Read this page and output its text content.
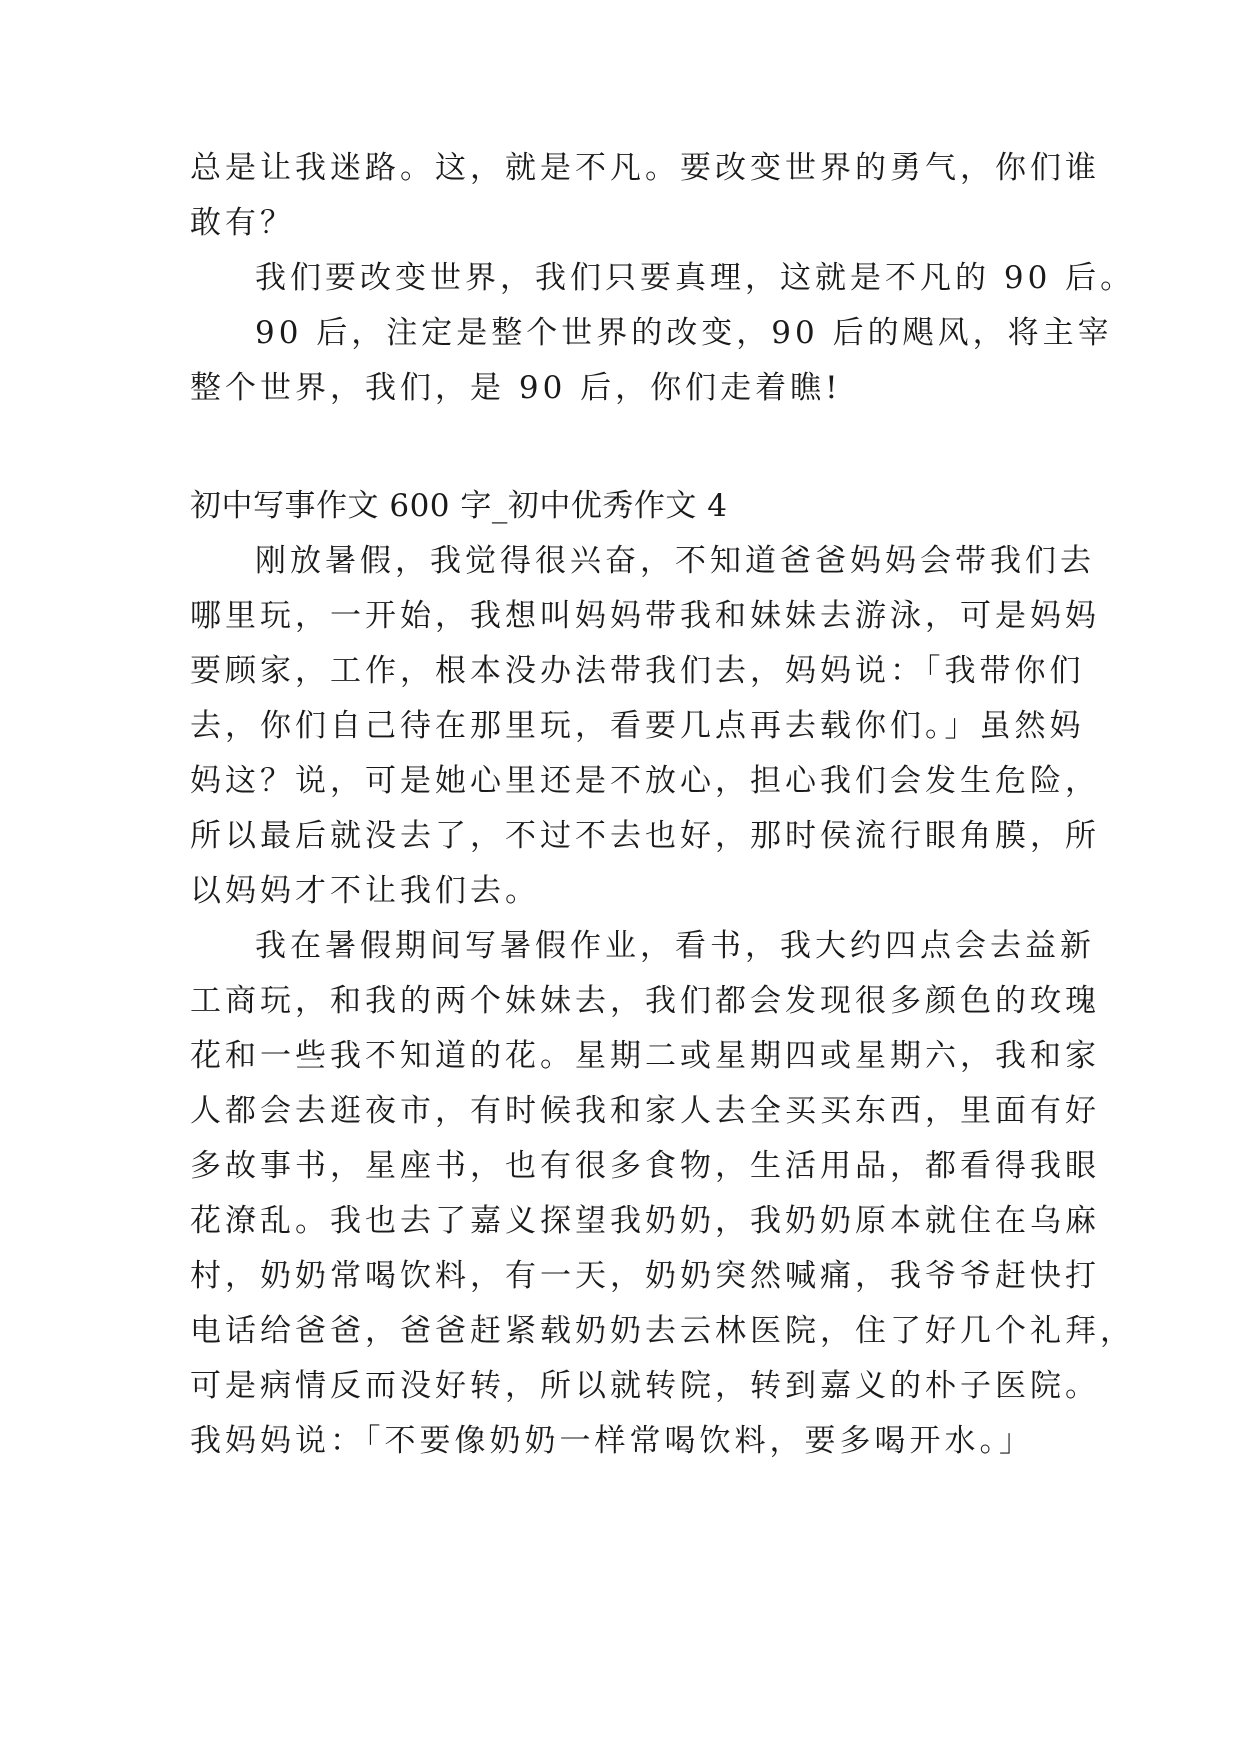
总是让我迷路。这，就是不凡。要改变世界的勇气，你们谁
敢有？
我们要改变世界，我们只要真理，这就是不凡的 90 后。
90 后，注定是整个世界的改变，90 后的飓风，将主宰
整个世界，我们，是 90 后，你们走着瞧!
初中写事作文 600 字_初中优秀作文 4
刚放暑假，我觉得很兴奋，不知道爸爸妈妈会带我们去
哪里玩，一开始，我想叫妈妈带我和妹妹去游泳，可是妈妈
要顾家，工作，根本没办法带我们去，妈妈说：「我带你们
去，你们自己待在那里玩，看要几点再去载你们。」虽然妈
妈这？说，可是她心里还是不放心，担心我们会发生危险，
所以最后就没去了，不过不去也好，那时侯流行眼角膜，所
以妈妈才不让我们去。
我在暑假期间写暑假作业，看书，我大约四点会去益新
工商玩，和我的两个妹妹去，我们都会发现很多颜色的玫瑰
花和一些我不知道的花。星期二或星期四或星期六，我和家
人都会去逛夜市，有时候我和家人去全买买东西，里面有好
多故事书，星座书，也有很多食物，生活用品，都看得我眼
花潦乱。我也去了嘉义探望我奶奶，我奶奶原本就住在乌麻
村，奶奶常喝饮料，有一天，奶奶突然喊痛，我爷爷赶快打
电话给爸爸，爸爸赶紧载奶奶去云林医院，住了好几个礼拜，
可是病情反而没好转，所以就转院，转到嘉义的朴子医院。
我妈妈说：「不要像奶奶一样常喝饮料，要多喝开水。」
